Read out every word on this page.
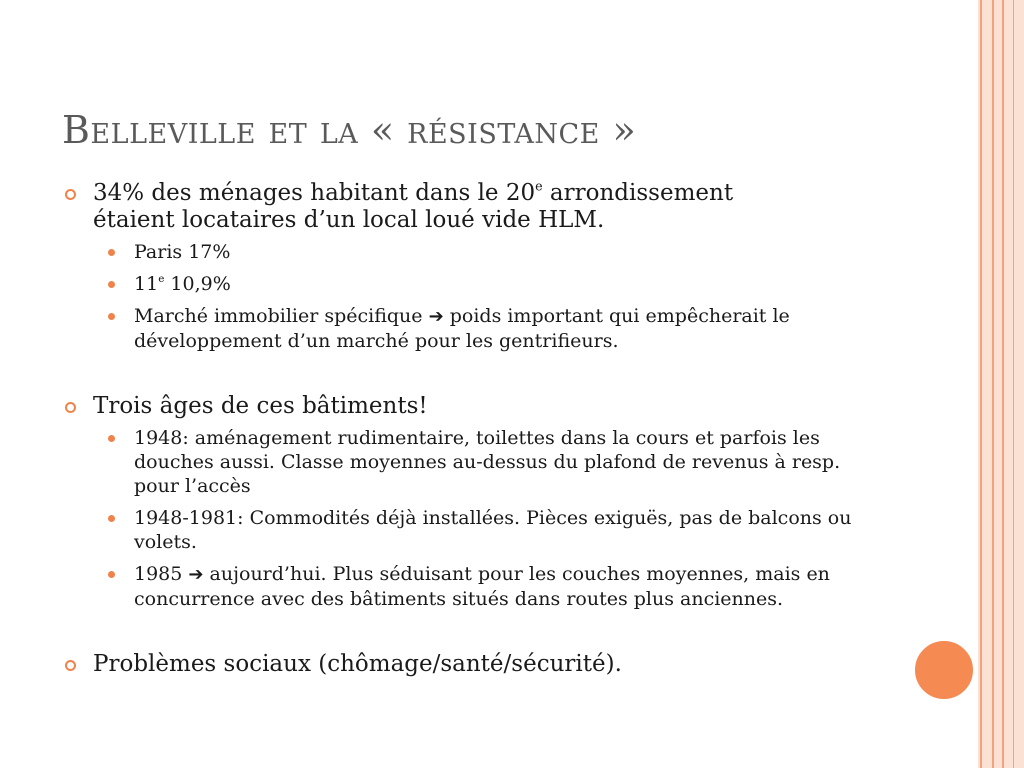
Belleville et la « résistance »

34% des ménages habitant dans le 20e arrondissement
étaient locataires d’un local loué vide HLM.

Paris 17%

11e 10,9%

Marché immobilier spécifique ➔ poids important qui empêcherait le développement d’un marché pour les gentrifieurs.

Trois âges de ces bâtiments!

1948: aménagement rudimentaire, toilettes dans la cours et parfois les douches aussi. Classe moyennes au-dessus du plafond de revenus à resp. pour l’accès

1948-1981: Commodités déjà installées. Pièces exiguës, pas de balcons ou volets.

1985 ➔ aujourd’hui. Plus séduisant pour les couches moyennes, mais en concurrence avec des bâtiments situés dans routes plus anciennes.

Problèmes sociaux (chômage/santé/sécurité).
